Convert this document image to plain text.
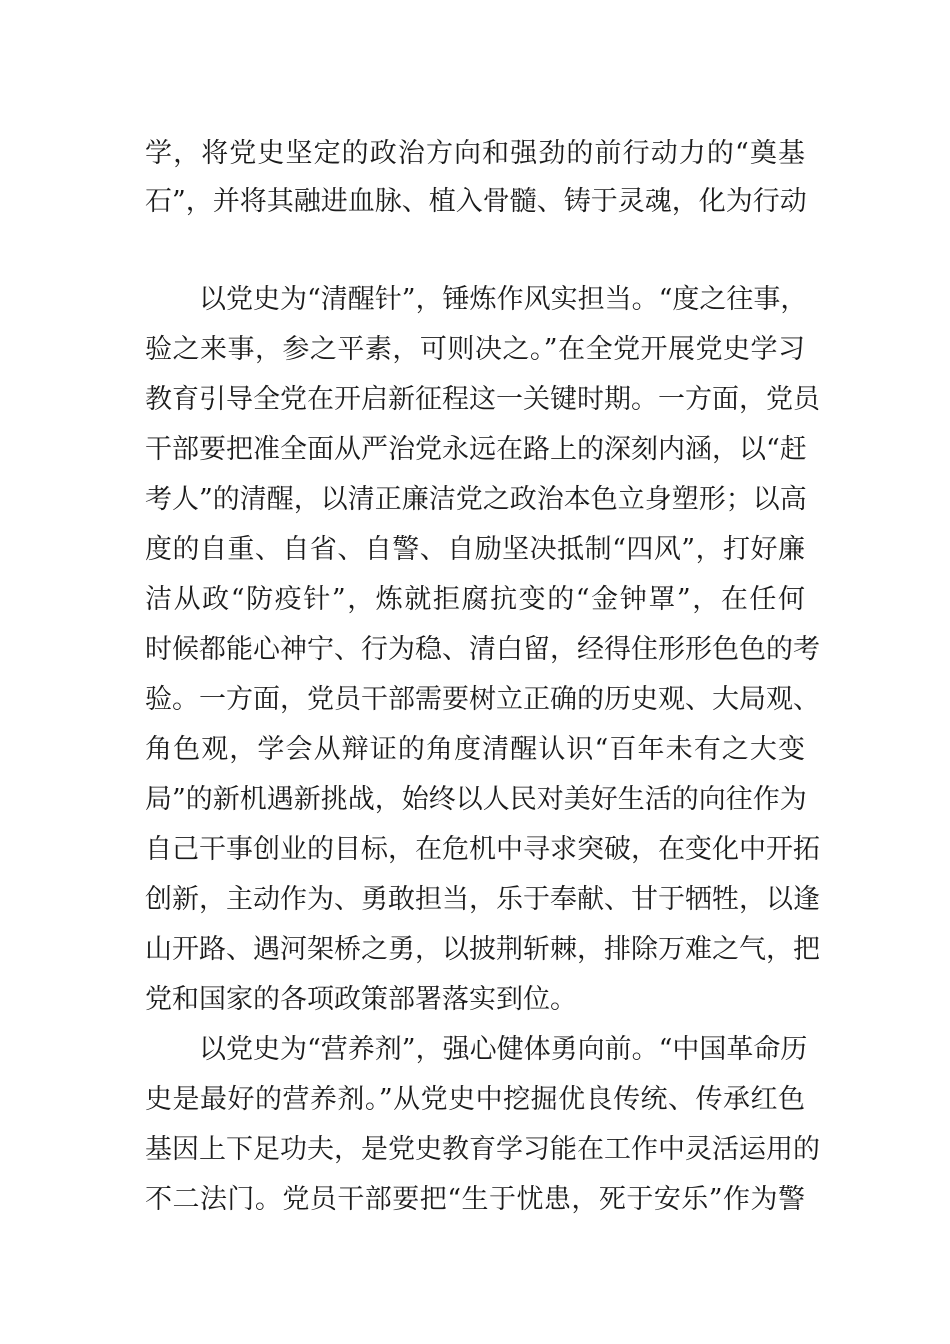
学，将党史坚定的政治方向和强劲的前行动力的“奠基
石”，并将其融进血脉、植入骨髓、铸于灵魂，化为行动
以党史为“清醒针”，锤炼作风实担当。“度之往事，
验之来事，参之平素，可则决之。”在全党开展党史学习
教育引导全党在开启新征程这一关键时期。一方面，党员
干部要把准全面从严治党永远在路上的深刻内涵，以“赶
考人”的清醒，以清正廉洁党之政治本色立身塑形；以高
度的自重、自省、自警、自励坚决抵制“四风”，打好廉
洁从政“防疫针”，炼就拒腐抗变的“金钟罩”，在任何
时候都能心神宁、行为稳、清白留，经得住形形色色的考
验。一方面，党员干部需要树立正确的历史观、大局观、
角色观，学会从辩证的角度清醒认识“百年未有之大变
局”的新机遇新挑战，始终以人民对美好生活的向往作为
自己干事创业的目标，在危机中寻求突破，在变化中开拓
创新，主动作为、勇敢担当，乐于奉献、甘于牺牲，以逢
山开路、遇河架桥之勇，以披荆斩棘，排除万难之气，把
党和国家的各项政策部署落实到位。
以党史为“营养剂”，强心健体勇向前。“中国革命历
史是最好的营养剂。”从党史中挖掘优良传统、传承红色
基因上下足功夫，是党史教育学习能在工作中灵活运用的
不二法门。党员干部要把“生于忧患，死于安乐”作为警
